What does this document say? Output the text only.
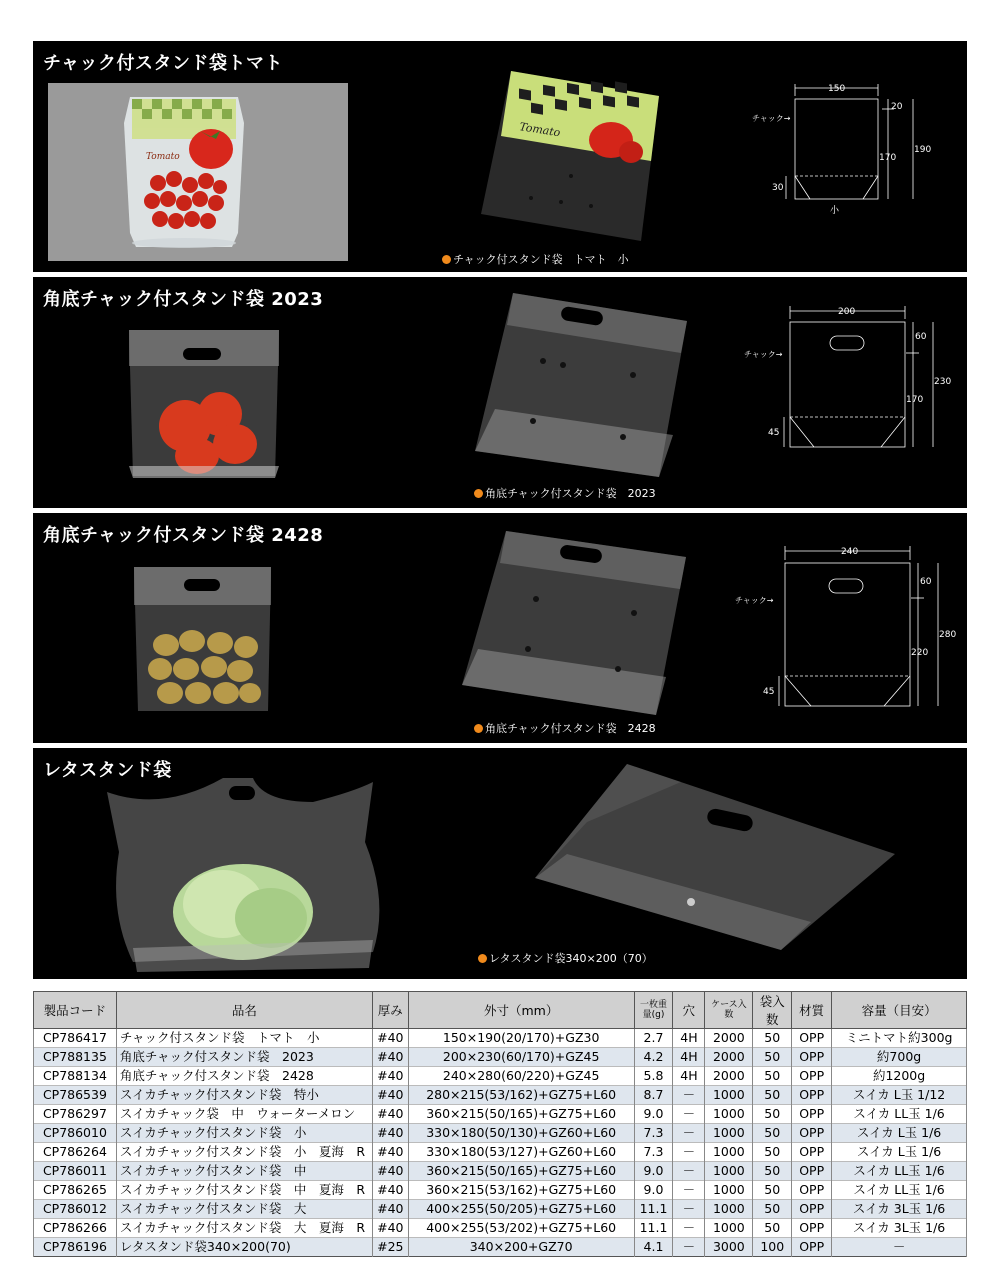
チャック付スタンド袋トマト
Tomato
Tomato
チャック付スタンド袋　トマト　小
150
20
170
190
30
チャック→
小
角底チャック付スタンド袋 2023
角底チャック付スタンド袋　2023
200
60
170
230
45
チャック→
角底チャック付スタンド袋 2428
角底チャック付スタンド袋　2428
240
60
220
280
45
チャック→
レタスタンド袋
レタスタンド袋340×200（70）
製品コード	品名	厚み	外寸（mm）	一枚重量(g)	穴	ケース入数	袋入数	材質	容量（目安）
CP786417	チャック付スタンド袋　トマト　小	#40	150×190(20/170)+GZ30	2.7	4H	2000	50	OPP	ミニトマト約300g
CP788135	角底チャック付スタンド袋　2023	#40	200×230(60/170)+GZ45	4.2	4H	2000	50	OPP	約700g
CP788134	角底チャック付スタンド袋　2428	#40	240×280(60/220)+GZ45	5.8	4H	2000	50	OPP	約1200g
CP786539	スイカチャック付スタンド袋　特小	#40	280×215(53/162)+GZ75+L60	8.7	－	1000	50	OPP	スイカ L玉 1/12
CP786297	スイカチャック袋　中　ウォーターメロン	#40	360×215(50/165)+GZ75+L60	9.0	－	1000	50	OPP	スイカ LL玉 1/6
CP786010	スイカチャック付スタンド袋　小	#40	330×180(50/130)+GZ60+L60	7.3	－	1000	50	OPP	スイカ L玉 1/6
CP786264	スイカチャック付スタンド袋　小　夏海　R	#40	330×180(53/127)+GZ60+L60	7.3	－	1000	50	OPP	スイカ L玉 1/6
CP786011	スイカチャック付スタンド袋　中	#40	360×215(50/165)+GZ75+L60	9.0	－	1000	50	OPP	スイカ LL玉 1/6
CP786265	スイカチャック付スタンド袋　中　夏海　R	#40	360×215(53/162)+GZ75+L60	9.0	－	1000	50	OPP	スイカ LL玉 1/6
CP786012	スイカチャック付スタンド袋　大	#40	400×255(50/205)+GZ75+L60	11.1	－	1000	50	OPP	スイカ 3L玉 1/6
CP786266	スイカチャック付スタンド袋　大　夏海　R	#40	400×255(53/202)+GZ75+L60	11.1	－	1000	50	OPP	スイカ 3L玉 1/6
CP786196	レタスタンド袋340×200(70)	#25	340×200+GZ70	4.1	－	3000	100	OPP	－
